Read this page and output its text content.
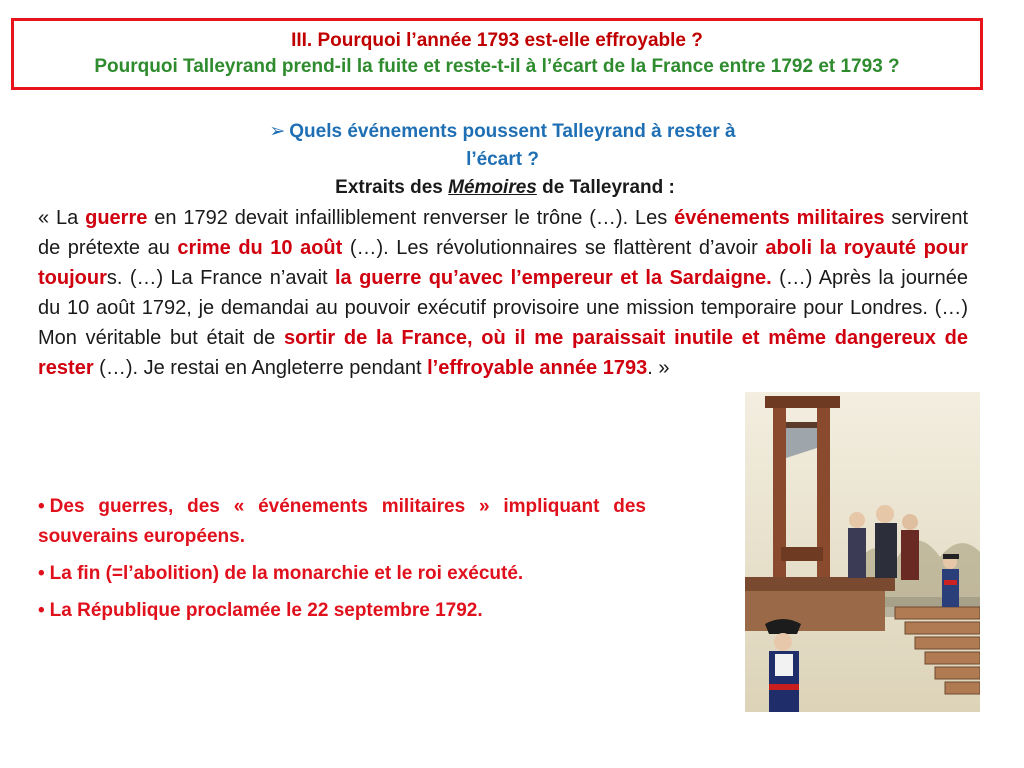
III. Pourquoi l’année 1793 est-elle effroyable ?
Pourquoi Talleyrand prend-il la fuite et reste-t-il à l’écart de la France entre 1792 et 1793 ?
➢ Quels événements poussent Talleyrand à rester à
l’écart ?
Extraits des Mémoires de Talleyrand :
« La guerre en 1792 devait infailliblement renverser le trône (…). Les événements militaires servirent de prétexte au crime du 10 août (…). Les révolutionnaires se flattèrent d’avoir aboli la royauté pour toujours. (…) La France n’avait la guerre qu’avec l’empereur et la Sardaigne. (…) Après la journée du 10 août 1792, je demandai au pouvoir exécutif provisoire une mission temporaire pour Londres. (…) Mon véritable but était de sortir de la France, où il me paraissait inutile et même dangereux de rester (…). Je restai en Angleterre pendant l’effroyable année 1793. »
• Des guerres, des « événements militaires » impliquant des souverains européens.
• La fin (=l’abolition) de la monarchie et le roi exécuté.
• La République proclamée le 22 septembre 1792.
